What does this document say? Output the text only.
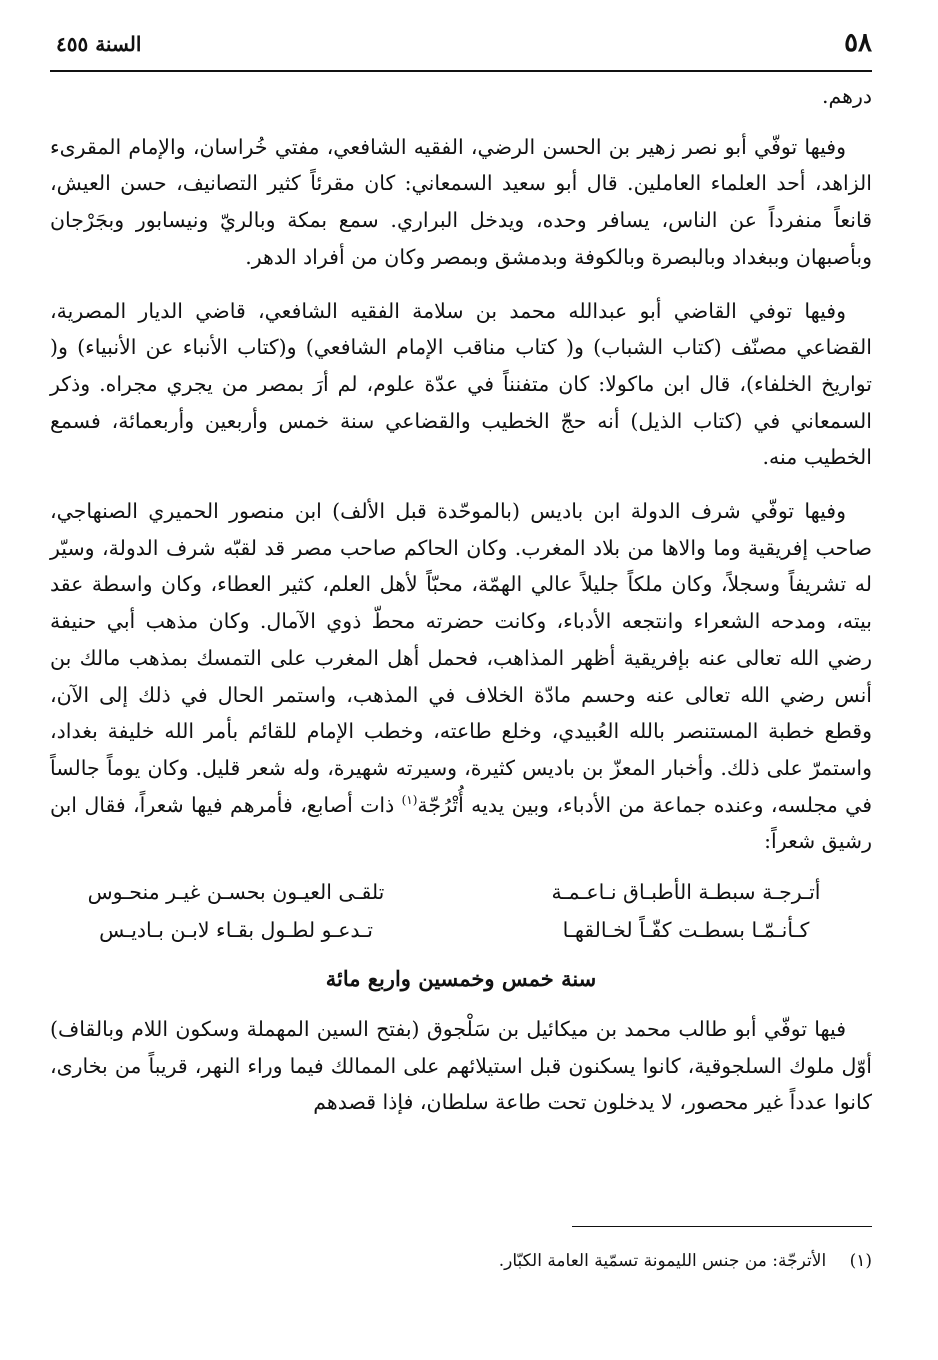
٥٨
السنة ٤٥٥

درهم.

وفيها توفّي أبو نصر زهير بن الحسن الرضي، الفقيه الشافعي، مفتي خُراسان، والإمام المقرىء الزاهد، أحد العلماء العاملين. قال أبو سعيد السمعاني: كان مقرئاً كثير التصانيف، حسن العيش، قانعاً منفرداً عن الناس، يسافر وحده، ويدخل البراري. سمع بمكة وبالريّ ونيسابور وبجَرْجان وبأصبهان وببغداد وبالبصرة وبالكوفة وبدمشق وبمصر وكان من أفراد الدهر.

وفيها توفي القاضي أبو عبدالله محمد بن سلامة الفقيه الشافعي، قاضي الديار المصرية، القضاعي مصنّف (كتاب الشباب) و( كتاب مناقب الإمام الشافعي) و(كتاب الأنباء عن الأنبياء) و( تواريخ الخلفاء)، قال ابن ماكولا: كان متفنناً في عدّة علوم، لم أرَ بمصر من يجري مجراه. وذكر السمعاني في (كتاب الذيل) أنه حجّ الخطيب والقضاعي سنة خمس وأربعين وأربعمائة، فسمع الخطيب منه.

وفيها توفّي شرف الدولة ابن باديس (بالموحّدة قبل الألف) ابن منصور الحميري الصنهاجي، صاحب إفريقية وما والاها من بلاد المغرب. وكان الحاكم صاحب مصر قد لقبّه شرف الدولة، وسيّر له تشريفاً وسجلاً، وكان ملكاً جليلاً عالي الهمّة، محبّاً لأهل العلم، كثير العطاء، وكان واسطة عقد بيته، ومدحه الشعراء وانتجعه الأدباء، وكانت حضرته محطّ ذوي الآمال. وكان مذهب أبي حنيفة رضي الله تعالى عنه بإفريقية أظهر المذاهب، فحمل أهل المغرب على التمسك بمذهب مالك بن أنس رضي الله تعالى عنه وحسم مادّة الخلاف في المذهب، واستمر الحال في ذلك إلى الآن، وقطع خطبة المستنصر بالله العُبيدي، وخلع طاعته، وخطب الإمام للقائم بأمر الله خليفة بغداد، واستمرّ على ذلك. وأخبار المعزّ بن باديس كثيرة، وسيرته شهيرة، وله شعر قليل. وكان يوماً جالساً في مجلسه، وعنده جماعة من الأدباء، وبين يديه أُتْرُجّة$^{(١)}$ ذات أصابع، فأمرهم فيها شعراً، فقال ابن رشيق شعراً:

أتـرجـة سبطـة الأطبـاق نـاعـمـة
تلقـى العيـون بحسـن غيـر منحـوس
كـأنـمّـا بسطـت كفّـاً لخـالقهـا
تـدعـو لطـول بقـاء لابـن بـاديـس
سنة خمس وخمسين واربع مائة

فيها توفّي أبو طالب محمد بن ميكائيل بن سَلْجوق (بفتح السين المهملة وسكون اللام وبالقاف) أوّل ملوك السلجوقية، كانوا يسكنون قبل استيلائهم على الممالك فيما وراء النهر، قريباً من بخارى، كانوا عدداً غير محصور، لا يدخلون تحت طاعة سلطان، فإذا قصدهم

(١) الأترجّة: من جنس الليمونة تسمّية العامة الكبّار.
